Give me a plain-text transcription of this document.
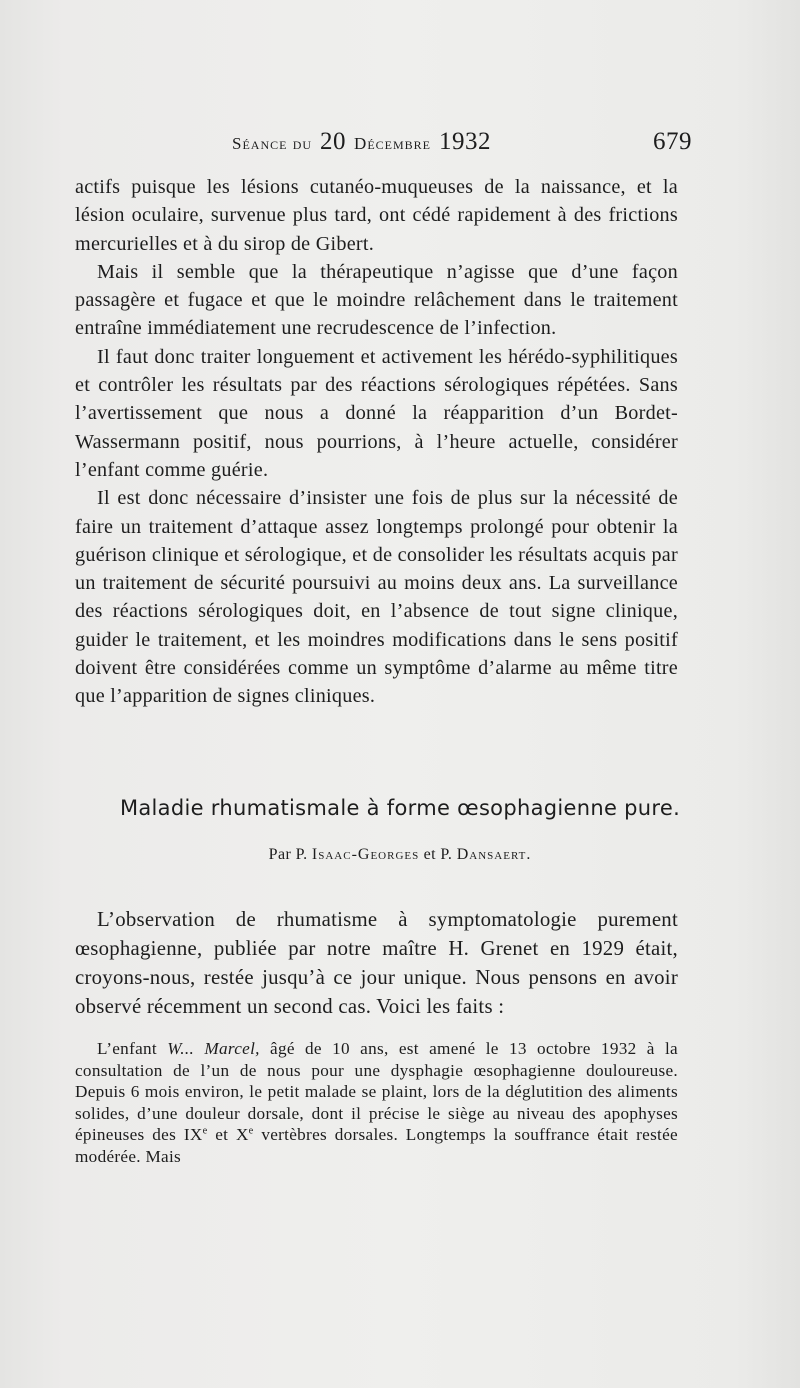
Séance du 20 Décembre 1932	679

actifs puisque les lésions cutanéo-muqueuses de la naissance, et la lésion oculaire, survenue plus tard, ont cédé rapidement à des frictions mercurielles et à du sirop de Gibert.

Mais il semble que la thérapeutique n’agisse que d’une façon passagère et fugace et que le moindre relâchement dans le traitement entraîne immédiatement une recrudescence de l’infection.

Il faut donc traiter longuement et activement les hérédo-syphilitiques et contrôler les résultats par des réactions sérologiques répétées. Sans l’avertissement que nous a donné la réapparition d’un Bordet-Wassermann positif, nous pourrions, à l’heure actuelle, considérer l’enfant comme guérie.

Il est donc nécessaire d’insister une fois de plus sur la nécessité de faire un traitement d’attaque assez longtemps prolongé pour obtenir la guérison clinique et sérologique, et de consolider les résultats acquis par un traitement de sécurité poursuivi au moins deux ans. La surveillance des réactions sérologiques doit, en l’absence de tout signe clinique, guider le traitement, et les moindres modifications dans le sens positif doivent être considérées comme un symptôme d’alarme au même titre que l’apparition de signes cliniques.

Maladie rhumatismale à forme œsophagienne pure.
Par P. Isaac-Georges et P. Dansaert.

L’observation de rhumatisme à symptomatologie purement œsophagienne, publiée par notre maître H. Grenet en 1929 était, croyons-nous, restée jusqu’à ce jour unique. Nous pensons en avoir observé récemment un second cas. Voici les faits :

L’enfant W... Marcel, âgé de 10 ans, est amené le 13 octobre 1932 à la consultation de l’un de nous pour une dysphagie œsophagienne douloureuse. Depuis 6 mois environ, le petit malade se plaint, lors de la déglutition des aliments solides, d’une douleur dorsale, dont il précise le siège au niveau des apophyses épineuses des IXe et Xe vertèbres dorsales. Longtemps la souffrance était restée modérée. Mais
